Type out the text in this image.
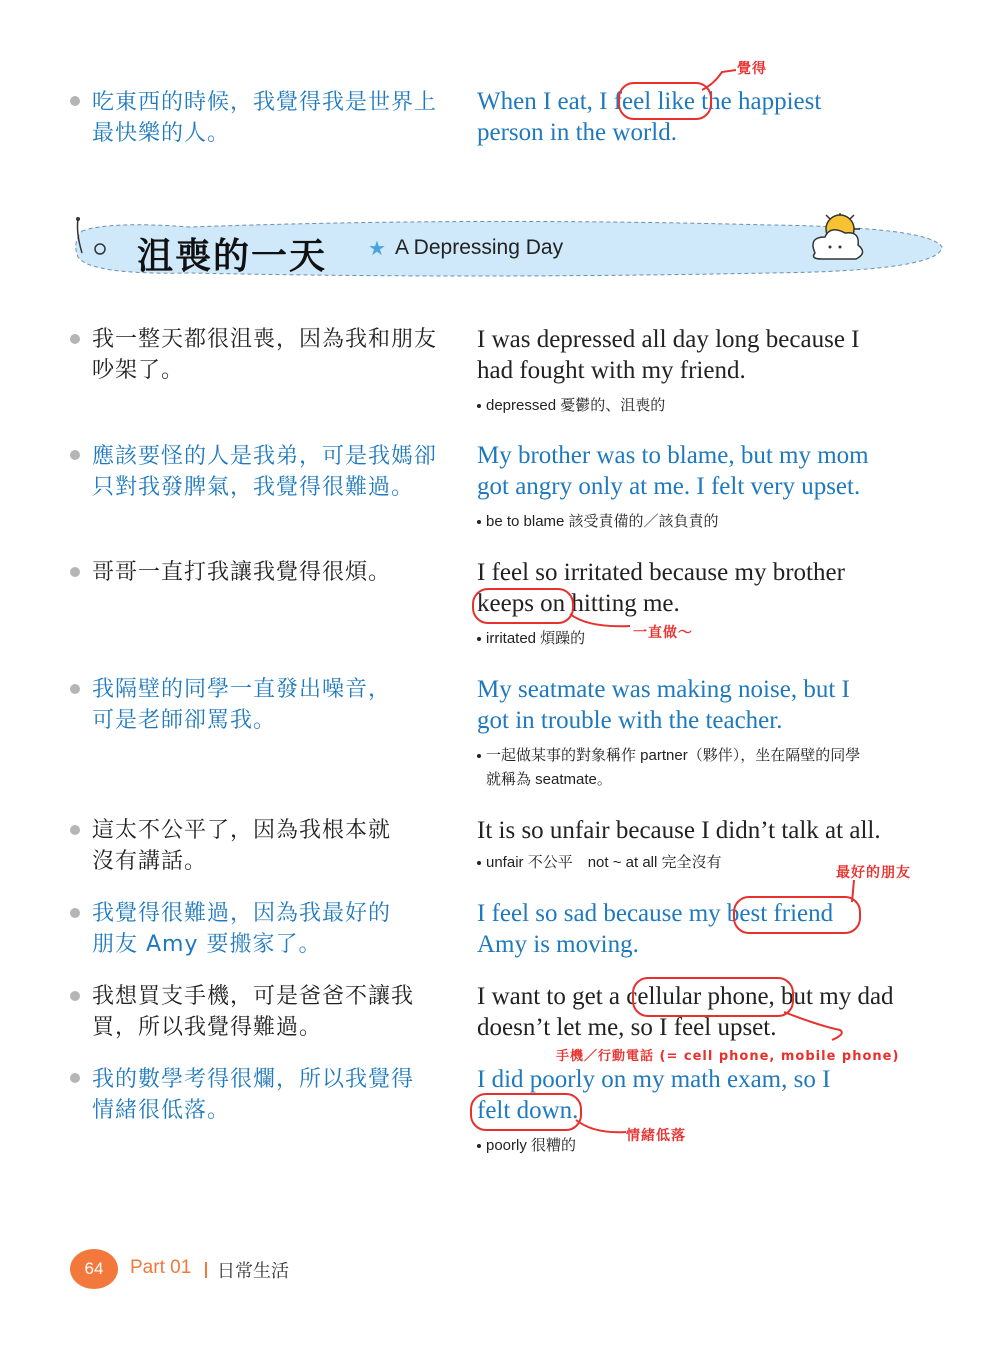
吃東西的時候，我覺得我是世界上
最快樂的人。
When I eat, I feel like the happiest
person in the world.
覺得
沮喪的一天 ★ A Depressing Day
我一整天都很沮喪，因為我和朋友
吵架了。
I was depressed all day long because I
had fought with my friend.
depressed 憂鬱的、沮喪的
應該要怪的人是我弟，可是我媽卻
只對我發脾氣，我覺得很難過。
My brother was to blame, but my mom
got angry only at me. I felt very upset.
be to blame 該受責備的／該負責的
哥哥一直打我讓我覺得很煩。	I feel so irritated because my brother
keeps on hitting me.
一直做～
irritated 煩躁的
我隔壁的同學一直發出噪音，
可是老師卻罵我。
My seatmate was making noise, but I
got in trouble with the teacher.
一起做某事的對象稱作 partner（夥伴），坐在隔壁的同學
就稱為 seatmate。
這太不公平了，因為我根本就
沒有講話。
It is so unfair because I didn’t talk at all.
unfair 不公平　not ~ at all 完全沒有
我覺得很難過，因為我最好的
朋友 Amy 要搬家了。
I feel so sad because my best friend
Amy is moving.
最好的朋友
我想買支手機，可是爸爸不讓我
買，所以我覺得難過。
I want to get a cellular phone, but my dad
doesn’t let me, so I feel upset.
手機／行動電話 (= cell phone, mobile phone)
我的數學考得很爛，所以我覺得
情緒很低落。
I did poorly on my math exam, so I
felt down.
情緒低落
poorly 很糟的
64	Part 01 日常生活
